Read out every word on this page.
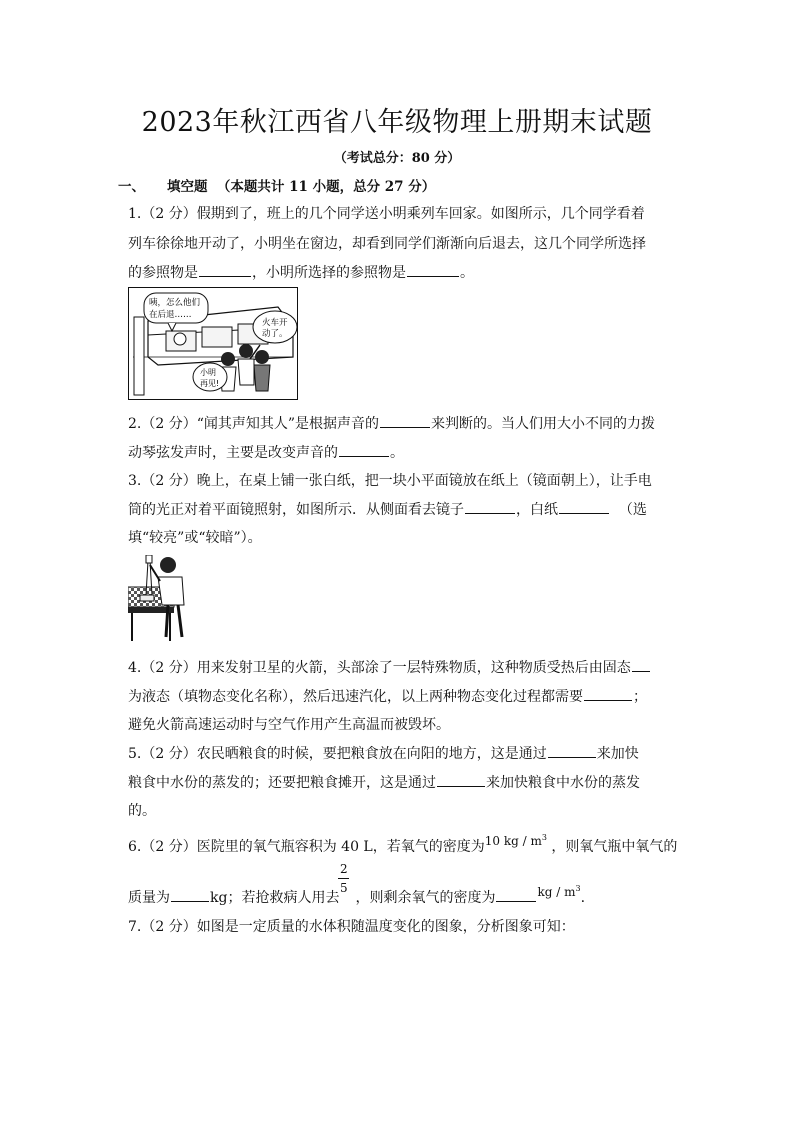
2023年秋江西省八年级物理上册期末试题
（考试总分：80 分）
一、 填空题 （本题共计 11 小题，总分 27 分）
1.（2 分）假期到了，班上的几个同学送小明乘列车回家。如图所示，几个同学看着
列车徐徐地开动了，小明坐在窗边，却看到同学们渐渐向后退去，这几个同学所选择
的参照物是	，小明所选择的参照物是	。
咦，怎么他们
在后退……
火车开
动了。
小明
再见!
2.（2 分）“闻其声知其人”是根据声音的	来判断的。当人们用大小不同的力拨
动琴弦发声时，主要是改变声音的	。
3.（2 分）晚上，在桌上铺一张白纸，把一块小平面镜放在纸上（镜面朝上），让手电
筒的光正对着平面镜照射，如图所示．从侧面看去镜子	，白纸	（选
填“较亮”或“较暗”）。
4.（2 分）用来发射卫星的火箭，头部涂了一层特殊物质，这种物质受热后由固态
为液态（填物态变化名称），然后迅速汽化，以上两种物态变化过程都需要	；
避免火箭高速运动时与空气作用产生高温而被毁坏。
5.（2 分）农民晒粮食的时候，要把粮食放在向阳的地方，这是通过	来加快
粮食中水份的蒸发的；还要把粮食摊开，这是通过	来加快粮食中水份的蒸发
的。
6.（2 分）医院里的氧气瓶容积为 40 L，若氧气的密度为10 kg / $m^3$ ，则氧气瓶中氧气的
2
5
质量为	kg；若抢救病人用去 ，则剩余氧气的密度为	kg / $m^3$.
7.（2 分）如图是一定质量的水体积随温度变化的图象，分析图象可知：
